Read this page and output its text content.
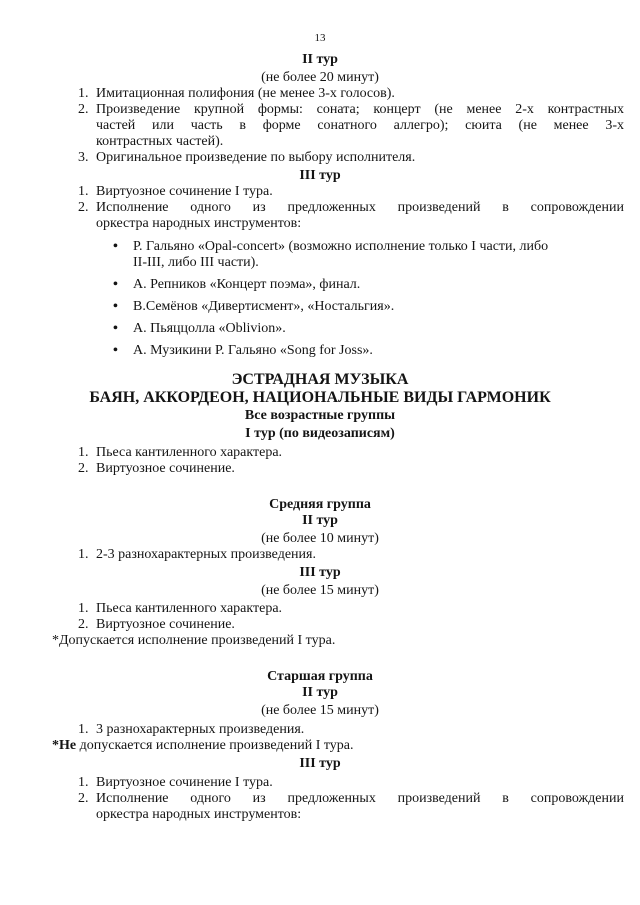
13
II тур
(не более 20 минут)
1. Имитационная полифония (не менее 3-х голосов).
2. Произведение крупной формы: соната; концерт (не менее 2-х контрастных
частей или часть в форме сонатного аллегро); сюита (не менее 3-х
контрастных частей).
3. Оригинальное произведение по выбору исполнителя.
III тур
1. Виртуозное сочинение I тура.
2. Исполнение одного из предложенных произведений в сопровождении
оркестра народных инструментов:
•	Р. Гальяно «Opal-concert» (возможно исполнение только I части, либо
II-III, либо III части).
•	А. Репников «Концерт поэма», финал.
•	В.Семёнов «Дивертисмент», «Ностальгия».
•	А. Пьяццолла «Oblivion».
•	А. Музикини Р. Гальяно «Song for Joss».
ЭСТРАДНАЯ МУЗЫКА
БАЯН, АККОРДЕОН, НАЦИОНАЛЬНЫЕ ВИДЫ ГАРМОНИК
Все возрастные группы
I тур (по видеозаписям)
1. Пьеса кантиленного характера.
2. Виртуозное сочинение.
Средняя группа
II тур
(не более 10 минут)
1. 2-3 разнохарактерных произведения.
III тур
(не более 15 минут)
1. Пьеса кантиленного характера.
2. Виртуозное сочинение.
*Допускается исполнение произведений I тура.
Старшая группа
II тур
(не более 15 минут)
1. 3 разнохарактерных произведения.
*Не допускается исполнение произведений I тура.
III тур
1. Виртуозное сочинение I тура.
2. Исполнение одного из предложенных произведений в сопровождении
оркестра народных инструментов:
